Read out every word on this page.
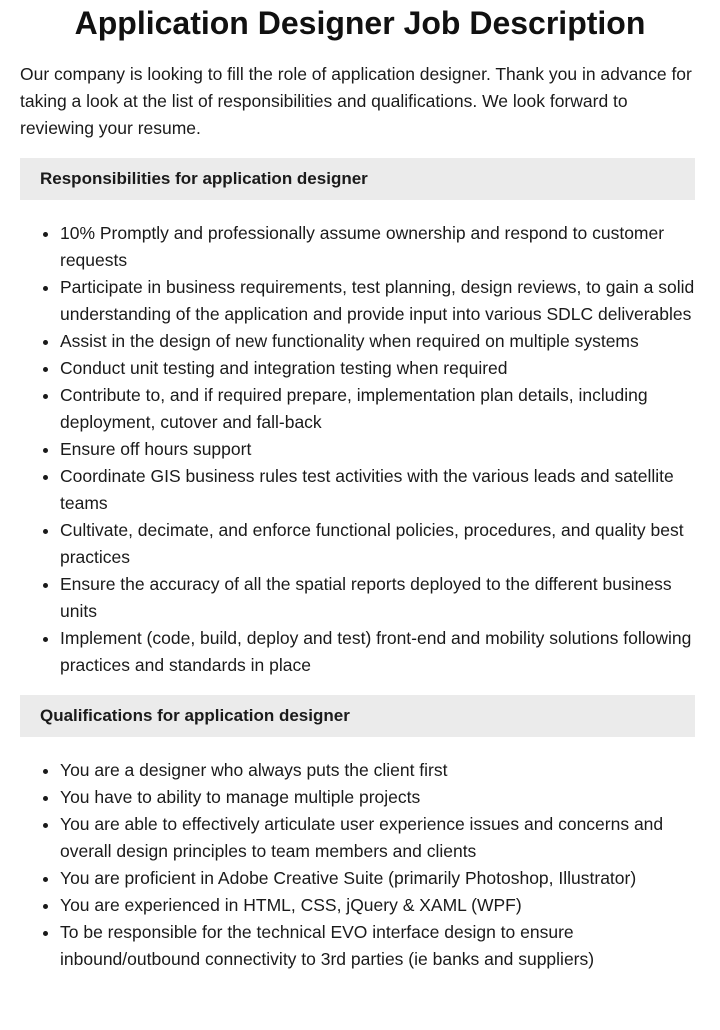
Application Designer Job Description

Our company is looking to fill the role of application designer. Thank you in advance for taking a look at the list of responsibilities and qualifications. We look forward to reviewing your resume.

Responsibilities for application designer
• 10% Promptly and professionally assume ownership and respond to customer requests
• Participate in business requirements, test planning, design reviews, to gain a solid understanding of the application and provide input into various SDLC deliverables
• Assist in the design of new functionality when required on multiple systems
• Conduct unit testing and integration testing when required
• Contribute to, and if required prepare, implementation plan details, including deployment, cutover and fall-back
• Ensure off hours support
• Coordinate GIS business rules test activities with the various leads and satellite teams
• Cultivate, decimate, and enforce functional policies, procedures, and quality best practices
• Ensure the accuracy of all the spatial reports deployed to the different business units
• Implement (code, build, deploy and test) front-end and mobility solutions following practices and standards in place
Qualifications for application designer
• You are a designer who always puts the client first
• You have to ability to manage multiple projects
• You are able to effectively articulate user experience issues and concerns and overall design principles to team members and clients
• You are proficient in Adobe Creative Suite (primarily Photoshop, Illustrator)
• You are experienced in HTML, CSS, jQuery & XAML (WPF)
• To be responsible for the technical EVO interface design to ensure inbound/outbound connectivity to 3rd parties (ie banks and suppliers)
